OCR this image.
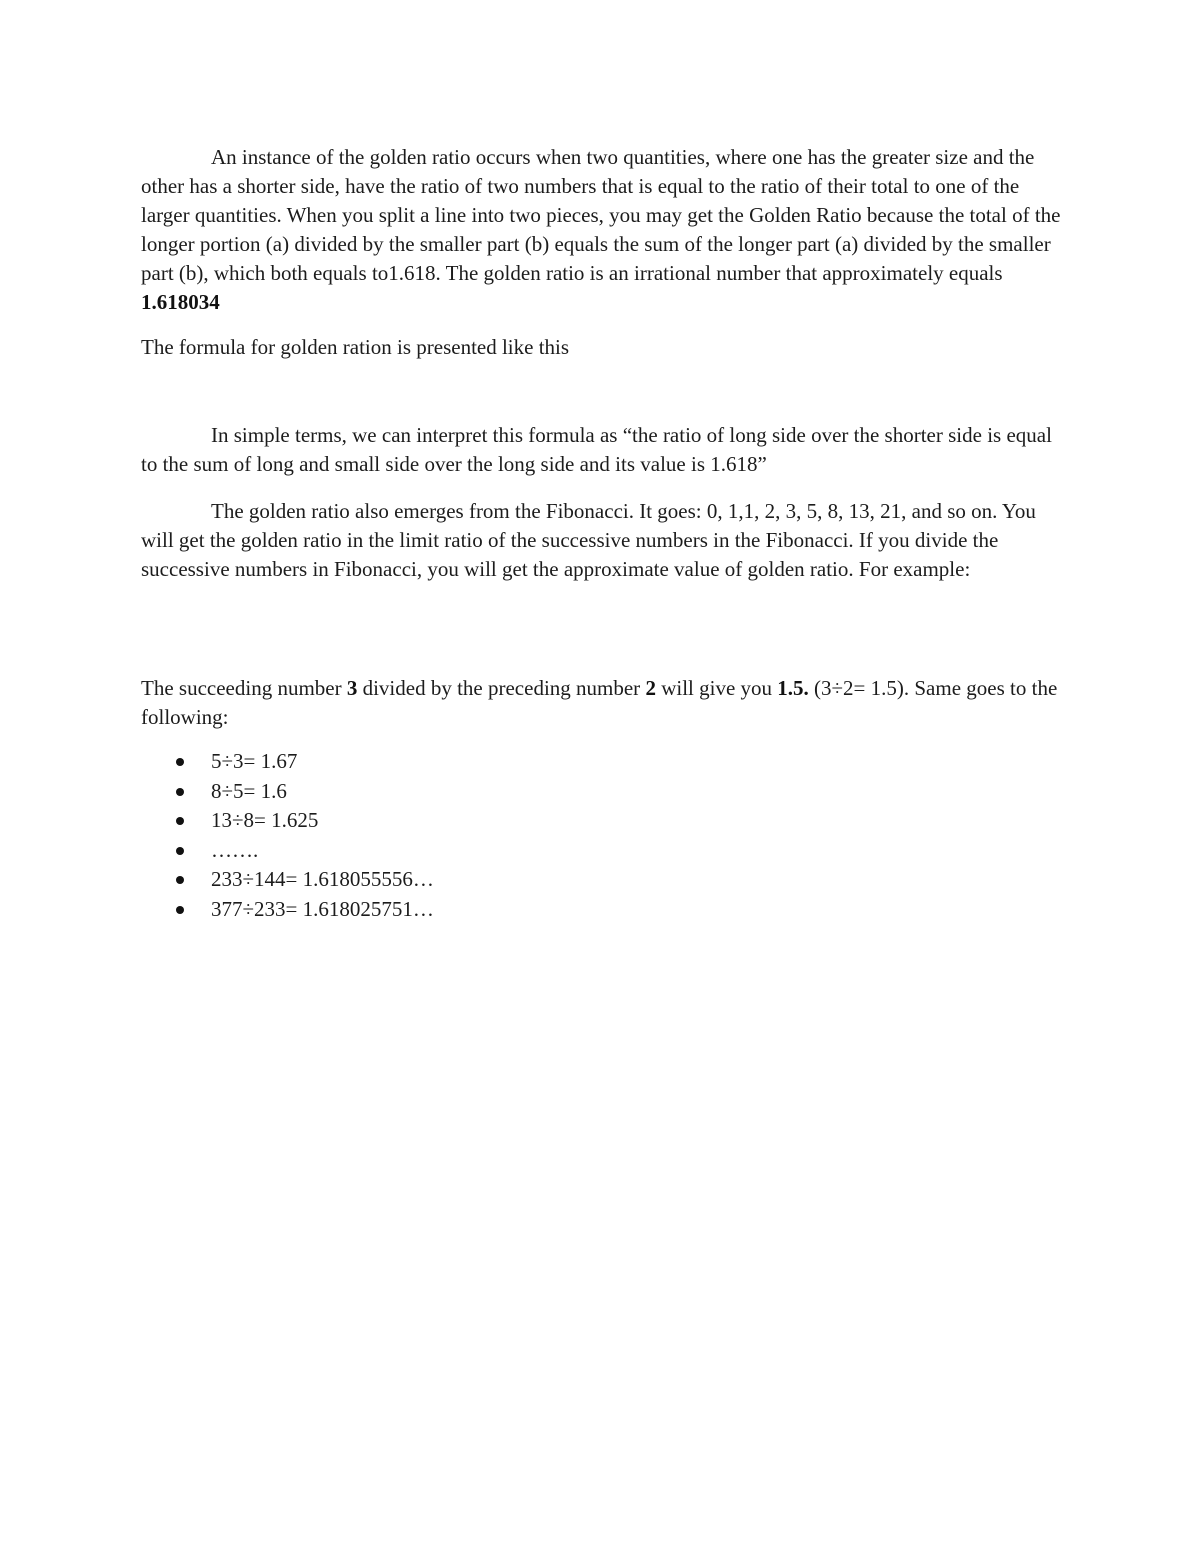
An instance of the golden ratio occurs when two quantities, where one has the greater size and the other has a shorter side, have the ratio of two numbers that is equal to the ratio of their total to one of the larger quantities. When you split a line into two pieces, you may get the Golden Ratio because the total of the longer portion (a) divided by the smaller part (b) equals the sum of the longer part (a) divided by the smaller part (b), which both equals to1.618. The golden ratio is an irrational number that approximately equals 1.618034

The formula for golden ration is presented like this

In simple terms, we can interpret this formula as “the ratio of long side over the shorter side is equal to the sum of long and small side over the long side and its value is 1.618”

The golden ratio also emerges from the Fibonacci. It goes: 0, 1,1, 2, 3, 5, 8, 13, 21, and so on. You will get the golden ratio in the limit ratio of the successive numbers in the Fibonacci. If you divide the successive numbers in Fibonacci, you will get the approximate value of golden ratio. For example:

The succeeding number 3 divided by the preceding number 2 will give you 1.5. (3÷2= 1.5). Same goes to the following:

5÷3= 1.67
8÷5= 1.6
13÷8= 1.625
…….
233÷144= 1.618055556…
377÷233= 1.618025751…
